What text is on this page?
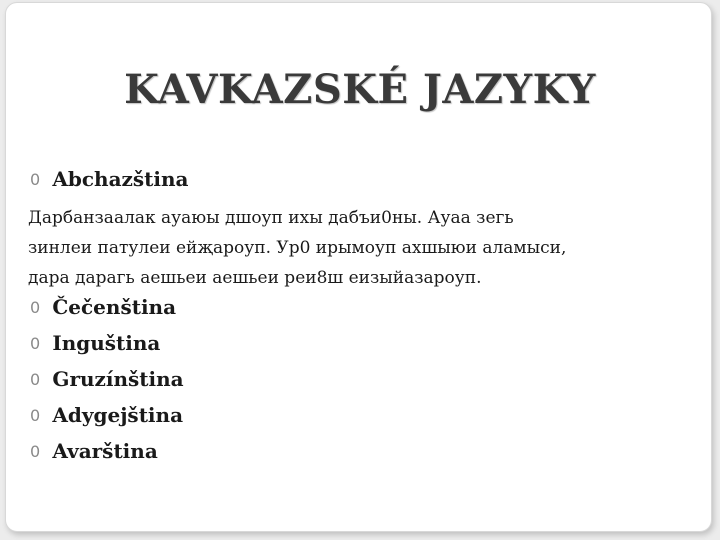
KAVKAZSKÉ JAZYKY
0 Abchazština
Дарбанзаалак ауаюы дшоуп ихы дабъи0ны. Ауаа зегь
зинлеи патулеи ейҗароуп. Ур0 ирымоуп ахшыюи аламыси,
дара дарагь аешьеи аешьеи реи8ш еизыйазароуп.
0 Čečenština
0 Inguština
0 Gruzínština
0 Adygejština
0 Avarština
